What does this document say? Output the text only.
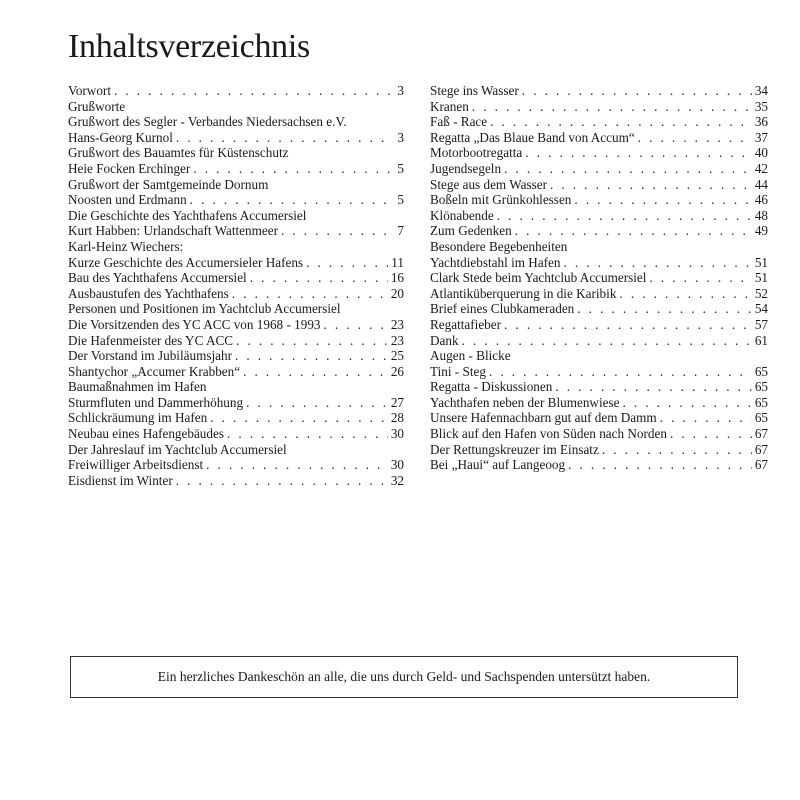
Inhaltsverzeichnis
Vorwort . . .	3
Grußworte
Grußwort des Segler - Verbandes Niedersachsen e.V.
Hans-Georg Kurnol . . .	3
Grußwort des Bauamtes für Küstenschutz
Heie Focken Erchinger . . .	5
Grußwort der Samtgemeinde Dornum
Noosten und Erdmann . . .	5
Die Geschichte des Yachthafens Accumersiel
Kurt Habben: Urlandschaft Wattenmeer . . .	7
Karl-Heinz Wiechers:
Kurze Geschichte des Accumersieler Hafens . . .	11
Bau des Yachthafens Accumersiel . . .	16
Ausbaustufen des Yachthafens . . .	20
Personen und Positionen im Yachtclub Accumersiel
Die Vorsitzenden des YC ACC von 1968 - 1993 . . .	23
Die Hafenmeister des YC ACC . . .	23
Der Vorstand im Jubiläumsjahr . . .	25
Shantychor „Accumer Krabben“ . . .	26
Baumaßnahmen im Hafen
Sturmfluten und Dammerhöhung . . .	27
Schlickräumung im Hafen . . .	28
Neubau eines Hafengebäudes . . .	30
Der Jahreslauf im Yachtclub Accumersiel
Freiwilliger Arbeitsdienst . . .	30
Eisdienst im Winter . . .	32
Stege ins Wasser . . .	34
Kranen . . .	35
Faß - Race . . .	36
Regatta „Das Blaue Band von Accum“ . . .	37
Motorbootregatta . . .	40
Jugendsegeln . . .	42
Stege aus dem Wasser . . .	44
Boßeln mit Grünkohlessen . . .	46
Klönabende . . .	48
Zum Gedenken . . .	49
Besondere Begebenheiten
Yachtdiebstahl im Hafen . . .	51
Clark Stede beim Yachtclub Accumersiel . . .	51
Atlantiküberquerung in die Karibik . . .	52
Brief eines Clubkameraden . . .	54
Regattafieber . . .	57
Dank . . .	61
Augen - Blicke
Tini - Steg . . .	65
Regatta - Diskussionen . . .	65
Yachthafen neben der Blumenwiese . . .	65
Unsere Hafennachbarn gut auf dem Damm . . .	65
Blick auf den Hafen von Süden nach Norden . . .	67
Der Rettungskreuzer im Einsatz . . .	67
Bei „Haui“ auf Langeoog . . .	67
Ein herzliches Dankeschön an alle, die uns durch Geld- und Sachspenden untersützt haben.
